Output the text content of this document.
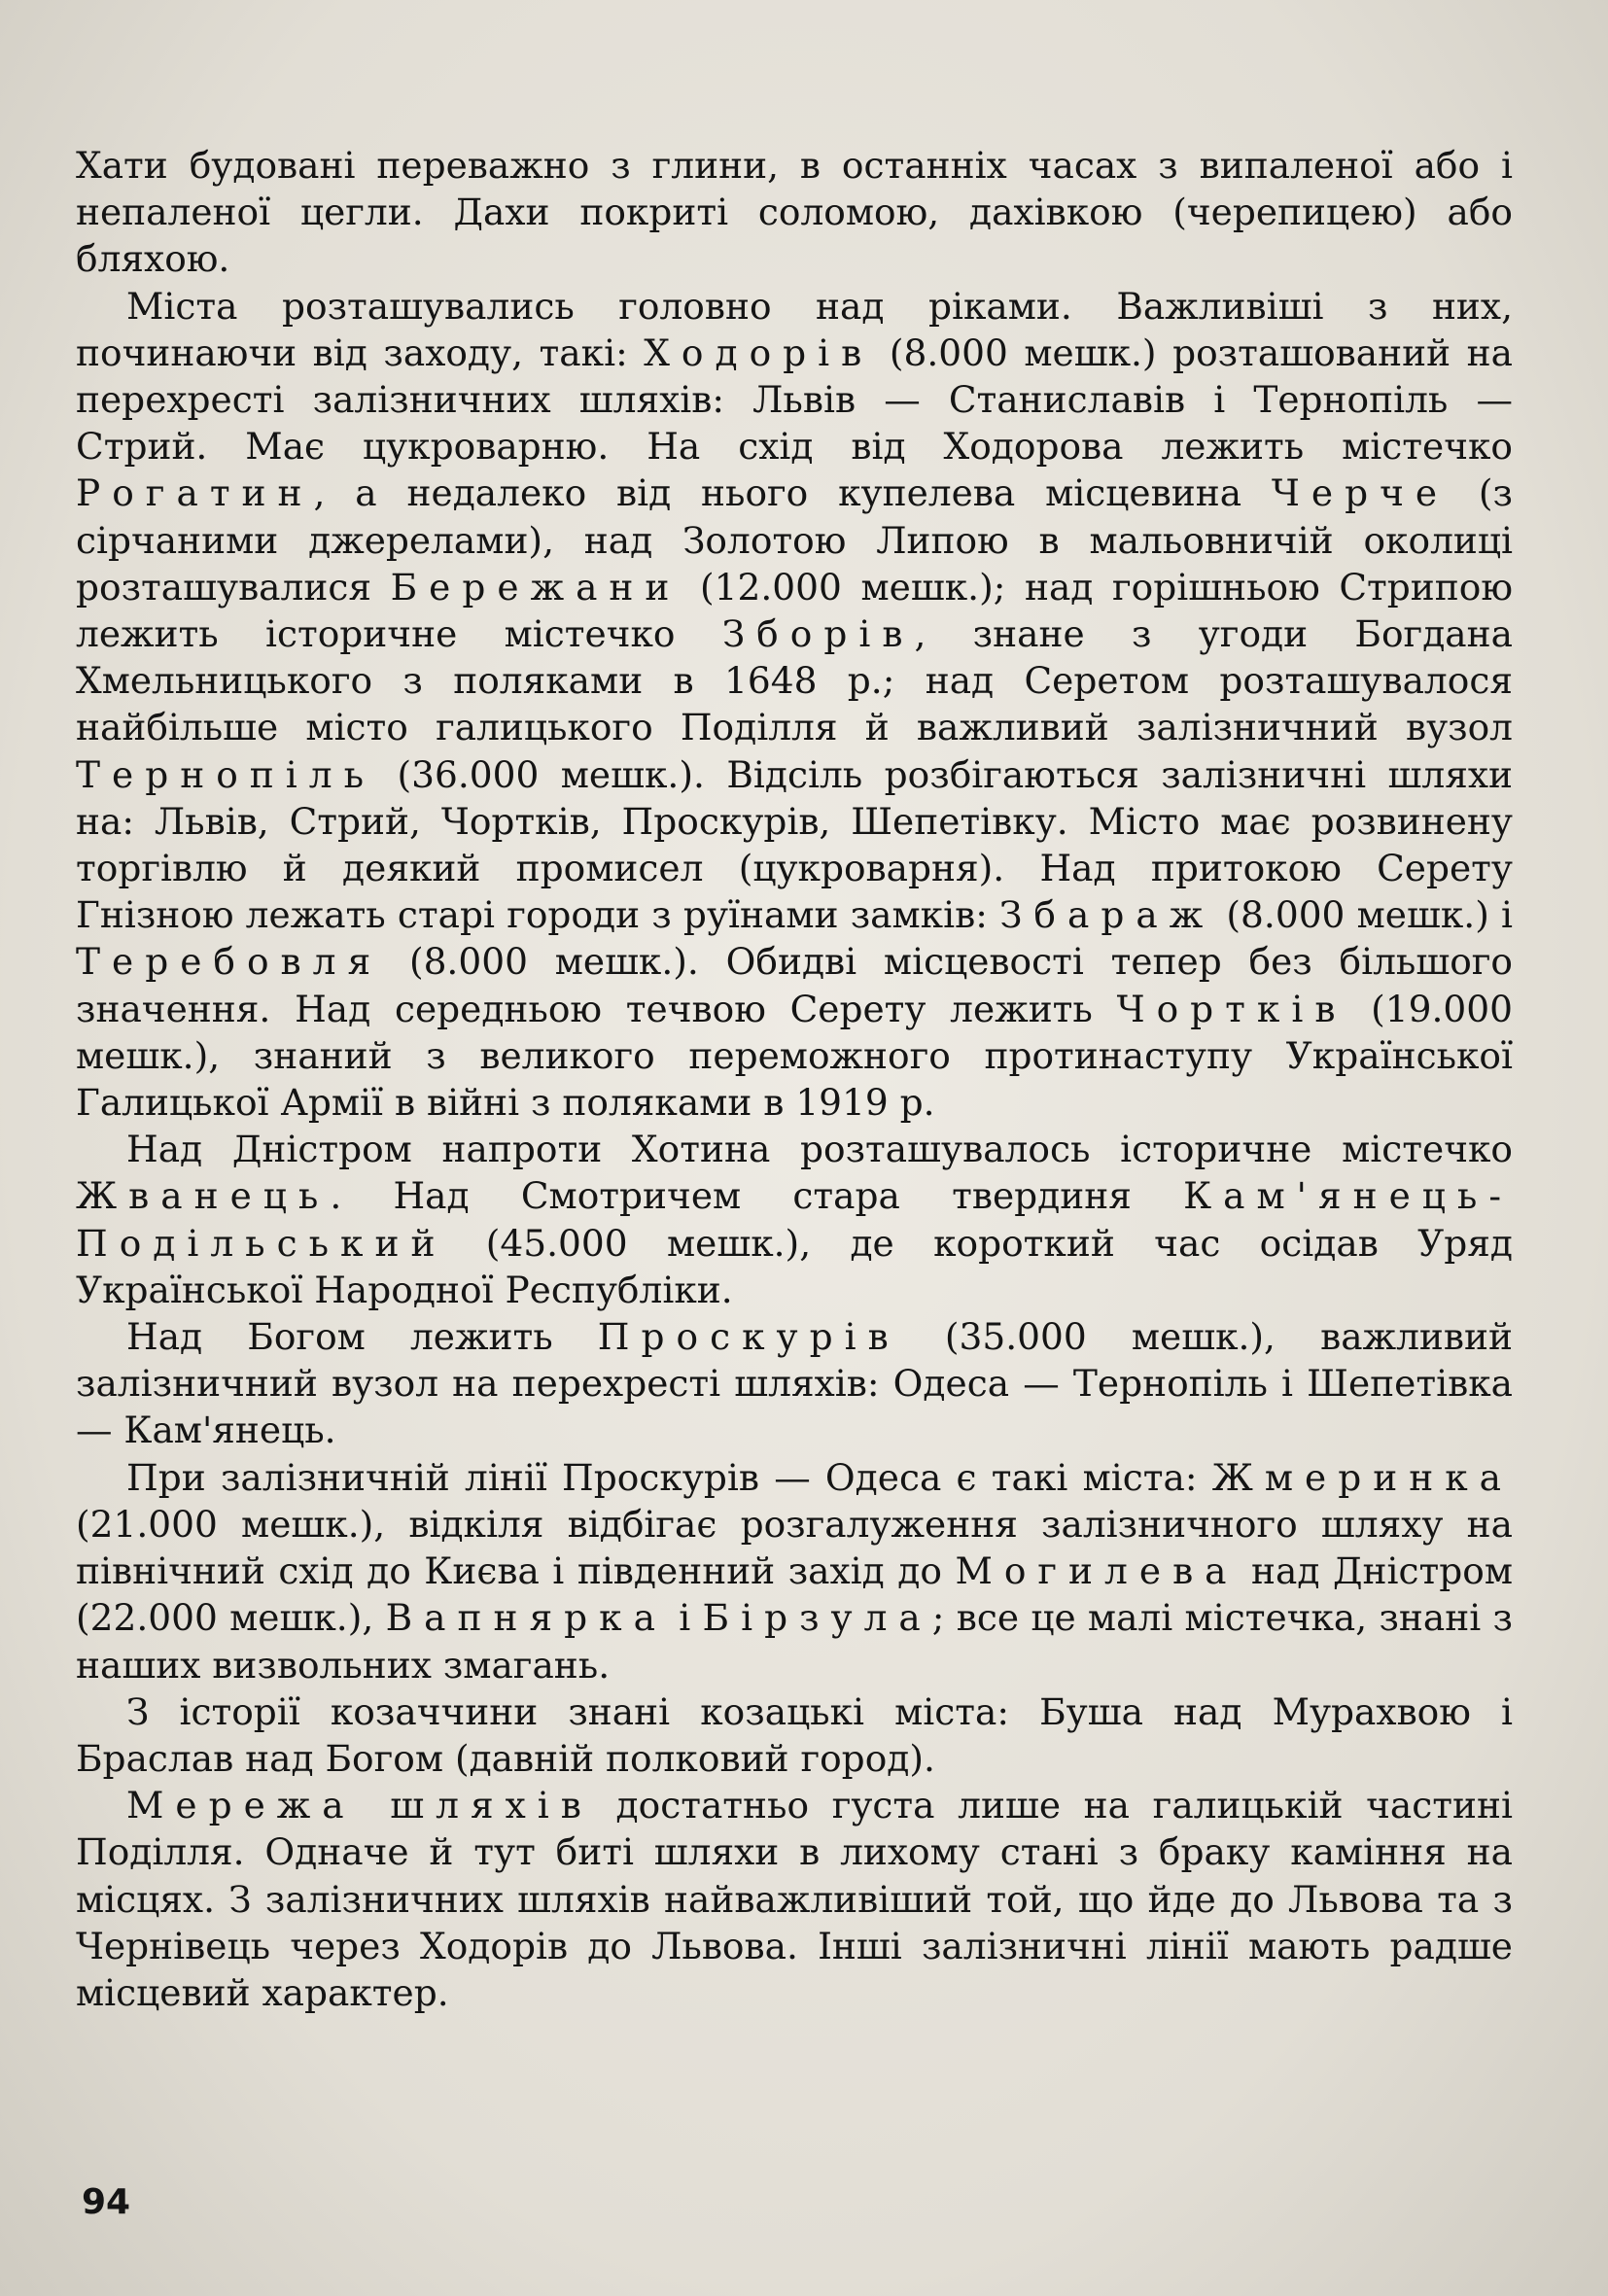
Хати будовані переважно з глини, в останніх часах з випаленої або і непаленої цегли. Дахи покриті соломою, дахівкою (черепицею) або бляхою.

Міста розташувались головно над ріками. Важливіші з них, починаючи від заходу, такі: Ходорів (8.000 мешк.) розташований на перехресті залізничних шляхів: Львів — Станиславів і Тернопіль — Стрий. Має цукроварню. На схід від Ходорова лежить містечко Рогатин, а недалеко від нього купелева місцевина Черче (з сірчаними джерелами), над Золотою Липою в мальовничій околиці розташувалися Бережани (12.000 мешк.); над горішньою Стрипою лежить історичне містечко Зборів, знане з угоди Богдана Хмельницького з поляками в 1648 р.; над Серетом розташувалося найбільше місто галицького Поділля й важливий залізничний вузол Тернопіль (36.000 мешк.). Відсіль розбігаються залізничні шляхи на: Львів, Стрий, Чортків, Проскурів, Шепетівку. Місто має розвинену торгівлю й деякий промисел (цукроварня). Над притокою Серету Гнізною лежать старі городи з руїнами замків: Збараж (8.000 мешк.) і Теребовля (8.000 мешк.). Обидві місцевості тепер без більшого значення. Над середньою течвою Серету лежить Чортків (19.000 мешк.), знаний з великого переможного протинаступу Української Галицької Армії в війні з поляками в 1919 р.

Над Дністром напроти Хотина розташувалось історичне містечко Жванець. Над Смотричем стара твердиня Кам'янець-Подільський (45.000 мешк.), де короткий час осідав Уряд Української Народної Республіки.

Над Богом лежить Проскурів (35.000 мешк.), важливий залізничний вузол на перехресті шляхів: Одеса — Тернопіль і Шепетівка — Кам'янець.

При залізничній лінії Проскурів — Одеса є такі міста: Жмеринка (21.000 мешк.), відкіля відбігає розгалуження залізничного шляху на північний схід до Києва і південний захід до Могилева над Дністром (22.000 мешк.), Вапнярка і Бірзула; все це малі містечка, знані з наших визвольних змагань.

З історії козаччини знані козацькі міста: Буша над Мурахвою і Браслав над Богом (давній полковий город).

Мережа шляхів достатньо густа лише на галицькій частині Поділля. Одначе й тут биті шляхи в лихому стані з браку каміння на місцях. З залізничних шляхів найважливіший той, що йде до Львова та з Чернівець через Ходорів до Львова. Інші залізничні лінії мають радше місцевий характер.

94
